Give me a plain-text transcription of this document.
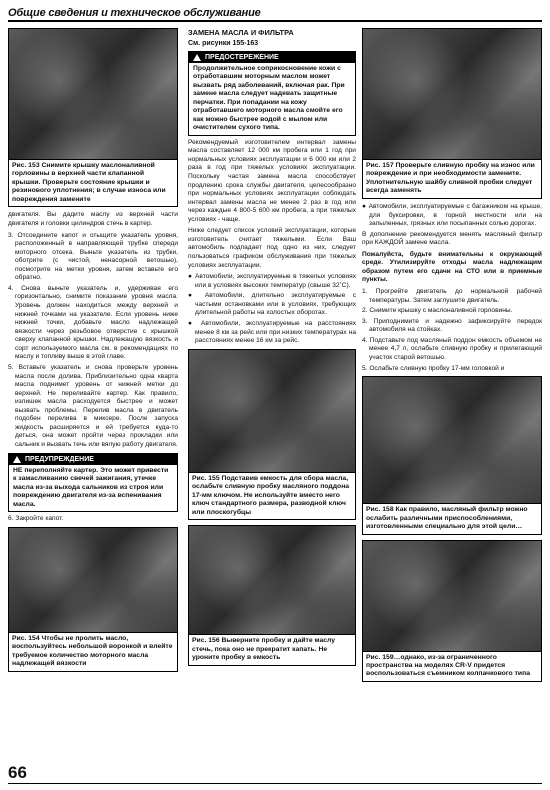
Общие сведения и техническое обслуживание
Рис. 153 Снимите крышку маслоналивной горловины в верхней части клапанной крышки. Проверьте состояние крышки и резинового уплотнения; в случае износа или повреждения замените

двигателя. Вы дадите маслу из верхней части двигателя и головки цилиндров стечь в картер.

3. Отсоедините капот и отыщите указатель уровня, расположенный в направляющей трубке спереди моторного отсека. Выньте указатель из трубки, оботрите (с чистой, ненасорной ветошью), посмотрите на метки уровня, затем вставьте его обратно.
4. Снова выньте указатель и, удерживая его горизонтально, снимите показание уровня масла. Уровень должен находиться между верхней и нижней точками на указателе. Если уровень ниже нижней точки, добавьте масло надлежащей вязкости через резьбовое отверстие с крышкой сверху клапанной крышки. Надлежащую вязкость и сорт используемого масла см. в рекомендациях по маслу и топливу выше в этой главе.
5. Вставьте указатель и снова проверьте уровень масла после долива. Приблизительно одна кварта масла поднимет уровень от нижней метки до верхней. Не переливайте картер. Как правило, излишек масла расходуется быстрее и может вызвать проблемы. Перелив масла в двигатель подобен перелива в миксере. После запуска жидкость расширяется и ей требуется куда-то деться, она может пройти через прокладки или сальник и вызвать течь или вялую работу двигателя.
ПРЕДУПРЕЖДЕНИЕ
НЕ переполняйте картер. Это может привести к замасливанию свечей зажигания, утечке масла из-за выхода сальников из строя или повреждению двигателя из-за вспенивания масла.

6. Закройте капот.

Рис. 154 Чтобы не пролить масло, воспользуйтесь небольшой воронкой и влейте требуемое количество моторного масла надлежащей вязкости
ЗАМЕНА МАСЛА И ФИЛЬТРА
См. рисунки 155-163
ПРЕДОСТЕРЕЖЕНИЕ
Продолжительное соприкосновение кожи с отработавшим моторным маслом может вызвать ряд заболеваний, включая рак. При замене масла следует надевать защитные перчатки. При попадании на кожу отработавшего моторного масла смойте его как можно быстрее водой с мылом или очистителем сухого типа.

Рекомендуемый изготовителем интервал замены масла составляет 12 000 км пробега или 1 год при нормальных условиях эксплуатации и 6 000 км или 2 раза в год при тяжелых условиях эксплуатации. Поскольку частая замена масла способствует продлению срока службы двигателя, целесообразно при нормальных условиях эксплуатации соблюдать интервал замены масла не менее 2 раз в год или через каждые 4 800-5 600 км пробега, а при тяжелых условиях - чаще.

Ниже следует список условий эксплуатации, которые изготовитель считает тяжелыми. Если Ваш автомобиль подпадает под одно из них, следует пользоваться графиком обслуживания при тяжелых условиях эксплуатации.

● Автомобили, эксплуатируемые в тяжелых условиях или в условиях высоких температур (свыше 32˚C).
● Автомобили, длительно эксплуатируемые с частыми остановками или в условиях, требующих длительной работы на холостых оборотах.
● Автомобили, эксплуатируемые на расстояниях менее 8 км за рейс или при низких температурах на расстояниях менее 16 км за рейс.
Рис. 155 Подставив емкость для сбора масла, ослабьте сливную пробку масляного поддона 17-мм ключом. Не используйте вместо него ключ стандартного размера, разводной ключ или плоскогубцы
Рис. 156 Выверните пробку и дайте маслу стечь, пока оно не прекратит капать. Не уроните пробку в емкость
Рис. 157 Проверьте сливную пробку на износ или повреждение и при необходимости замените. Уплотнительную шайбу сливной пробки следует всегда заменять
● Автомобили, эксплуатируемые с багажником на крыше, для буксировки, в горной местности или на запыленных, грязных или посыпанных солью дорогах.

В дополнение рекомендуется менять масляный фильтр при КАЖДОЙ замене масла.

Пожалуйста, будьте внимательны к окружающей среде. Утилизируйте отходы масла надлежащим образом путем его сдачи на СТО или в приемные пункты.

1. Прогрейте двигатель до нормальной рабочей температуры. Затем заглушите двигатель.
2. Снимите крышку с маслоналивной горловины.
3. Приподнимите и надежно зафиксируйте передок автомобиля на стойках.
4. Подставьте под масляный поддон емкость объемом не менее 4,7 л, ослабьте сливную пробку и прилегающий участок старой ветошью.
5. Ослабьте сливную пробку 17-мм головкой и
Рис. 158 Как правило, масляный фильтр можно ослабить различными приспособлениями, изготовленными специально для этой цели…
Рис. 159…однако, из-за ограниченного пространства на моделях CR-V придется воспользоваться съемником колпачкового типа
66
